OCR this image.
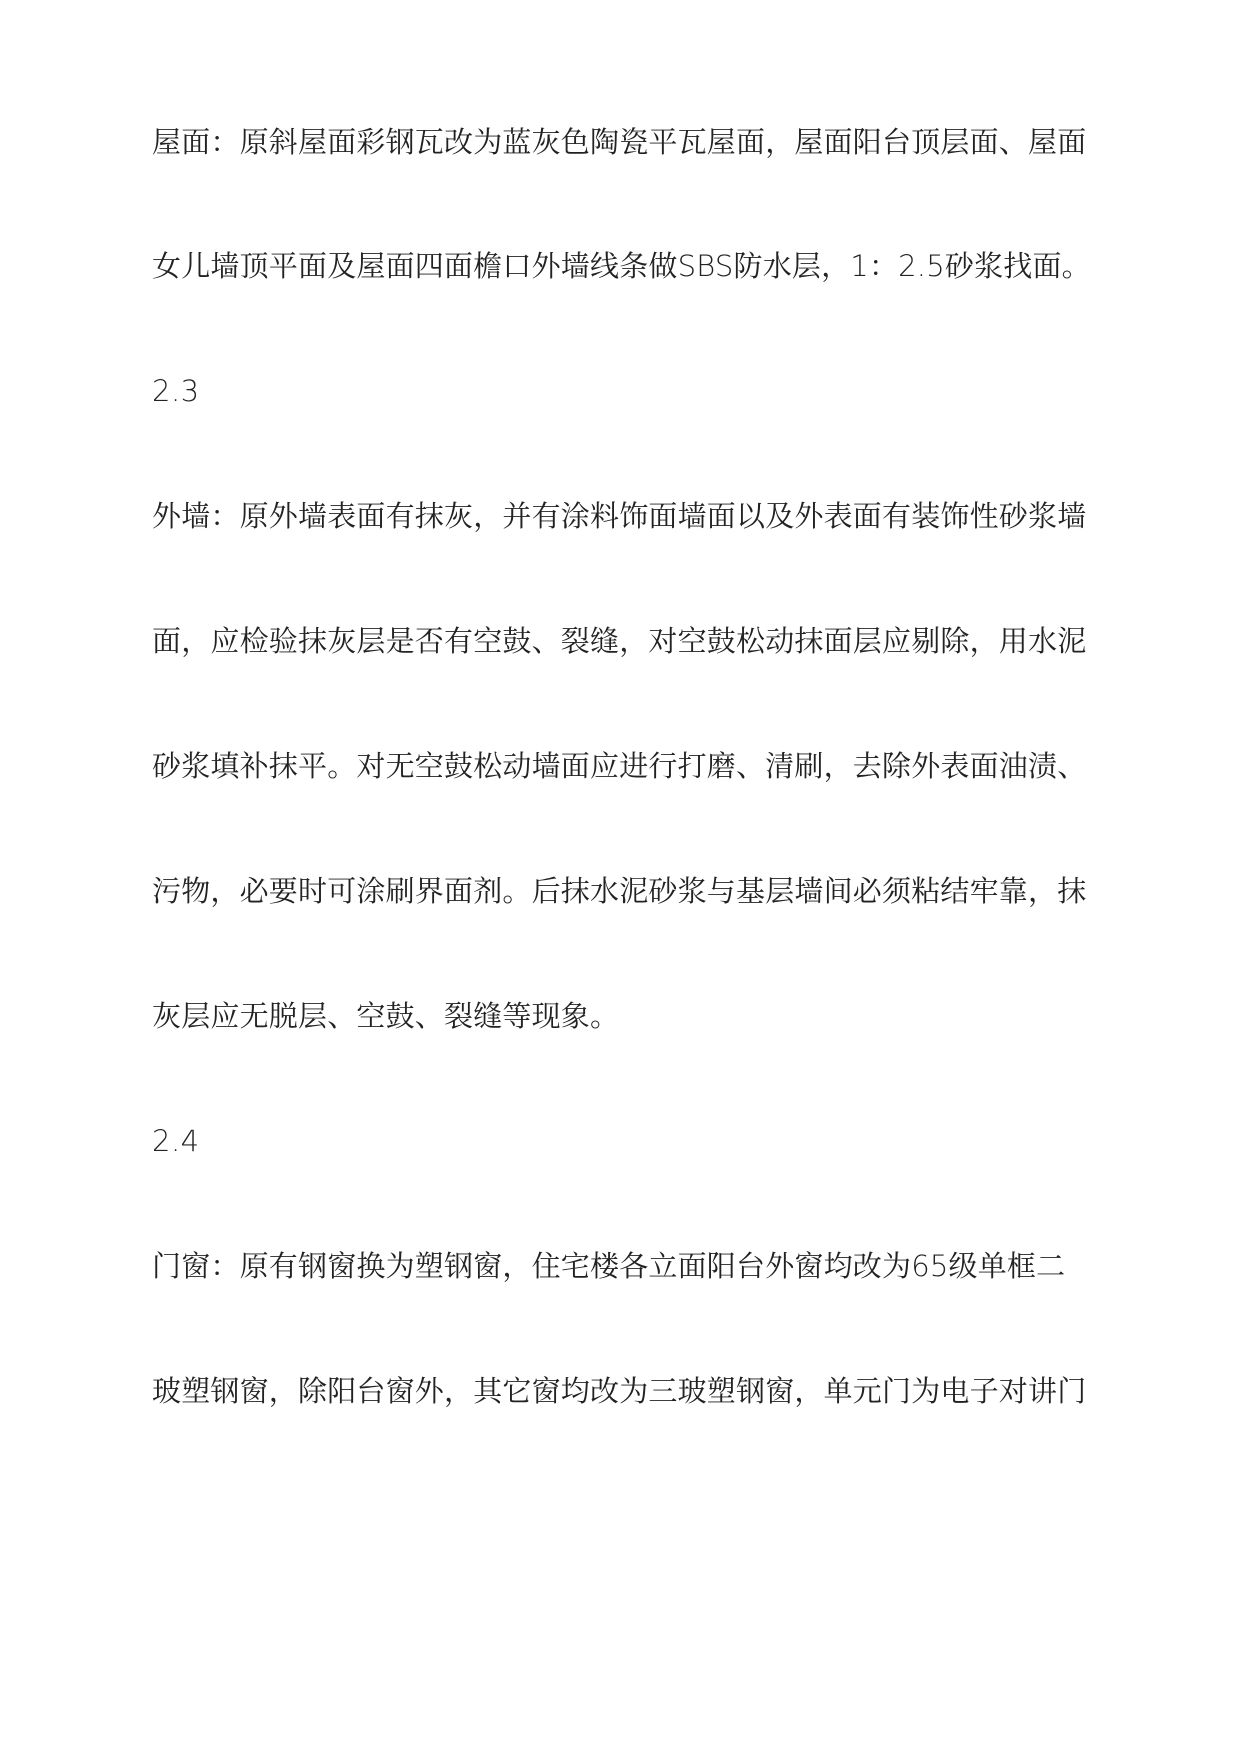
屋面：原斜屋面彩钢瓦改为蓝灰色陶瓷平瓦屋面，屋面阳台顶层面、屋面
女儿墙顶平面及屋面四面檐口外墙线条做SBS防水层，1：2.5砂浆找面。
2.3
外墙：原外墙表面有抹灰，并有涂料饰面墙面以及外表面有装饰性砂浆墙
面，应检验抹灰层是否有空鼓、裂缝，对空鼓松动抹面层应剔除，用水泥
砂浆填补抹平。对无空鼓松动墙面应进行打磨、清刷，去除外表面油渍、
污物，必要时可涂刷界面剂。后抹水泥砂浆与基层墙间必须粘结牢靠，抹
灰层应无脱层、空鼓、裂缝等现象。
2.4
门窗：原有钢窗换为塑钢窗，住宅楼各立面阳台外窗均改为65级单框二
玻塑钢窗，除阳台窗外，其它窗均改为三玻塑钢窗，单元门为电子对讲门
